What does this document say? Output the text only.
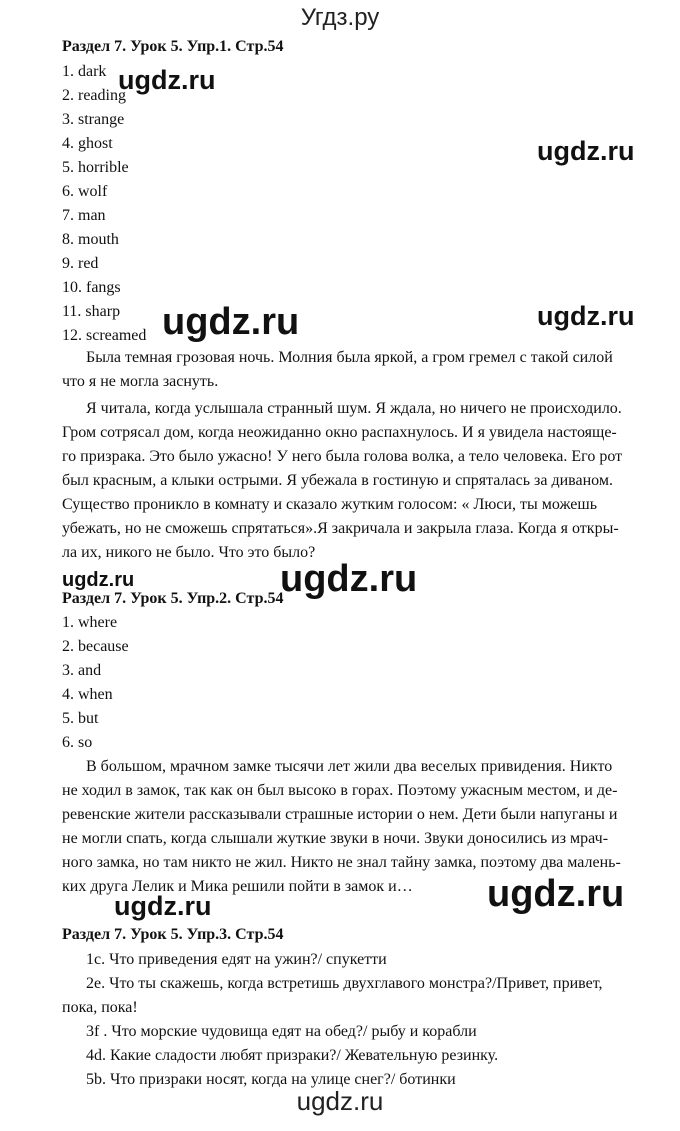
Угдз.ру
Раздел 7. Урок 5. Упр.1. Стр.54
1. dark
2. reading
3. strange
4. ghost
5. horrible
6. wolf
7. man
8. mouth
9. red
10. fangs
11. sharp
12. screamed
Была темная грозовая ночь. Молния была яркой, а гром гремел с такой силой
что я не могла заснуть.
Я читала, когда услышала странный шум. Я ждала, но ничего не происходило.
Гром сотрясал дом, когда неожиданно окно распахнулось. И я увидела настояще-
го призрака. Это было ужасно! У него была голова волка, а тело человека. Его рот
был красным, а клыки острыми. Я убежала в гостиную и спряталась за диваном.
Существо проникло в комнату и сказало жутким голосом: « Люси, ты можешь
убежать, но не сможешь спрятаться».Я закричала и закрыла глаза. Когда я откры-
ла их, никого не было. Что это было?
Раздел 7. Урок 5. Упр.2. Стр.54
1. where
2. because
3. and
4. when
5. but
6. so
В большом, мрачном замке тысячи лет жили два веселых привидения. Никто
не ходил в замок, так как он был высоко в горах. Поэтому ужасным местом, и де-
ревенские жители рассказывали страшные истории о нем. Дети были напуганы и
не могли спать, когда слышали жуткие звуки в ночи. Звуки доносились из мрач-
ного замка, но там никто не жил. Никто не знал тайну замка, поэтому два малень-
ких друга Лелик и Мика решили пойти в замок и…
Раздел 7. Урок 5. Упр.3. Стр.54
1c. Что приведения едят на ужин?/ спукетти
2e. Что ты скажешь, когда встретишь двухглавого монстра?/Привет, привет,
пока, пока!
3f . Что морские чудовища едят на обед?/ рыбу и корабли
4d. Какие сладости любят призраки?/ Жевательную резинку.
5b. Что призраки носят, когда на улице снег?/ ботинки
ugdz.ru
ugdz.ru
ugdz.ru	ugdz.ru
ugdz.ru	ugdz.ru
ugdz.ru
ugdz.ru
ugdz.ru
